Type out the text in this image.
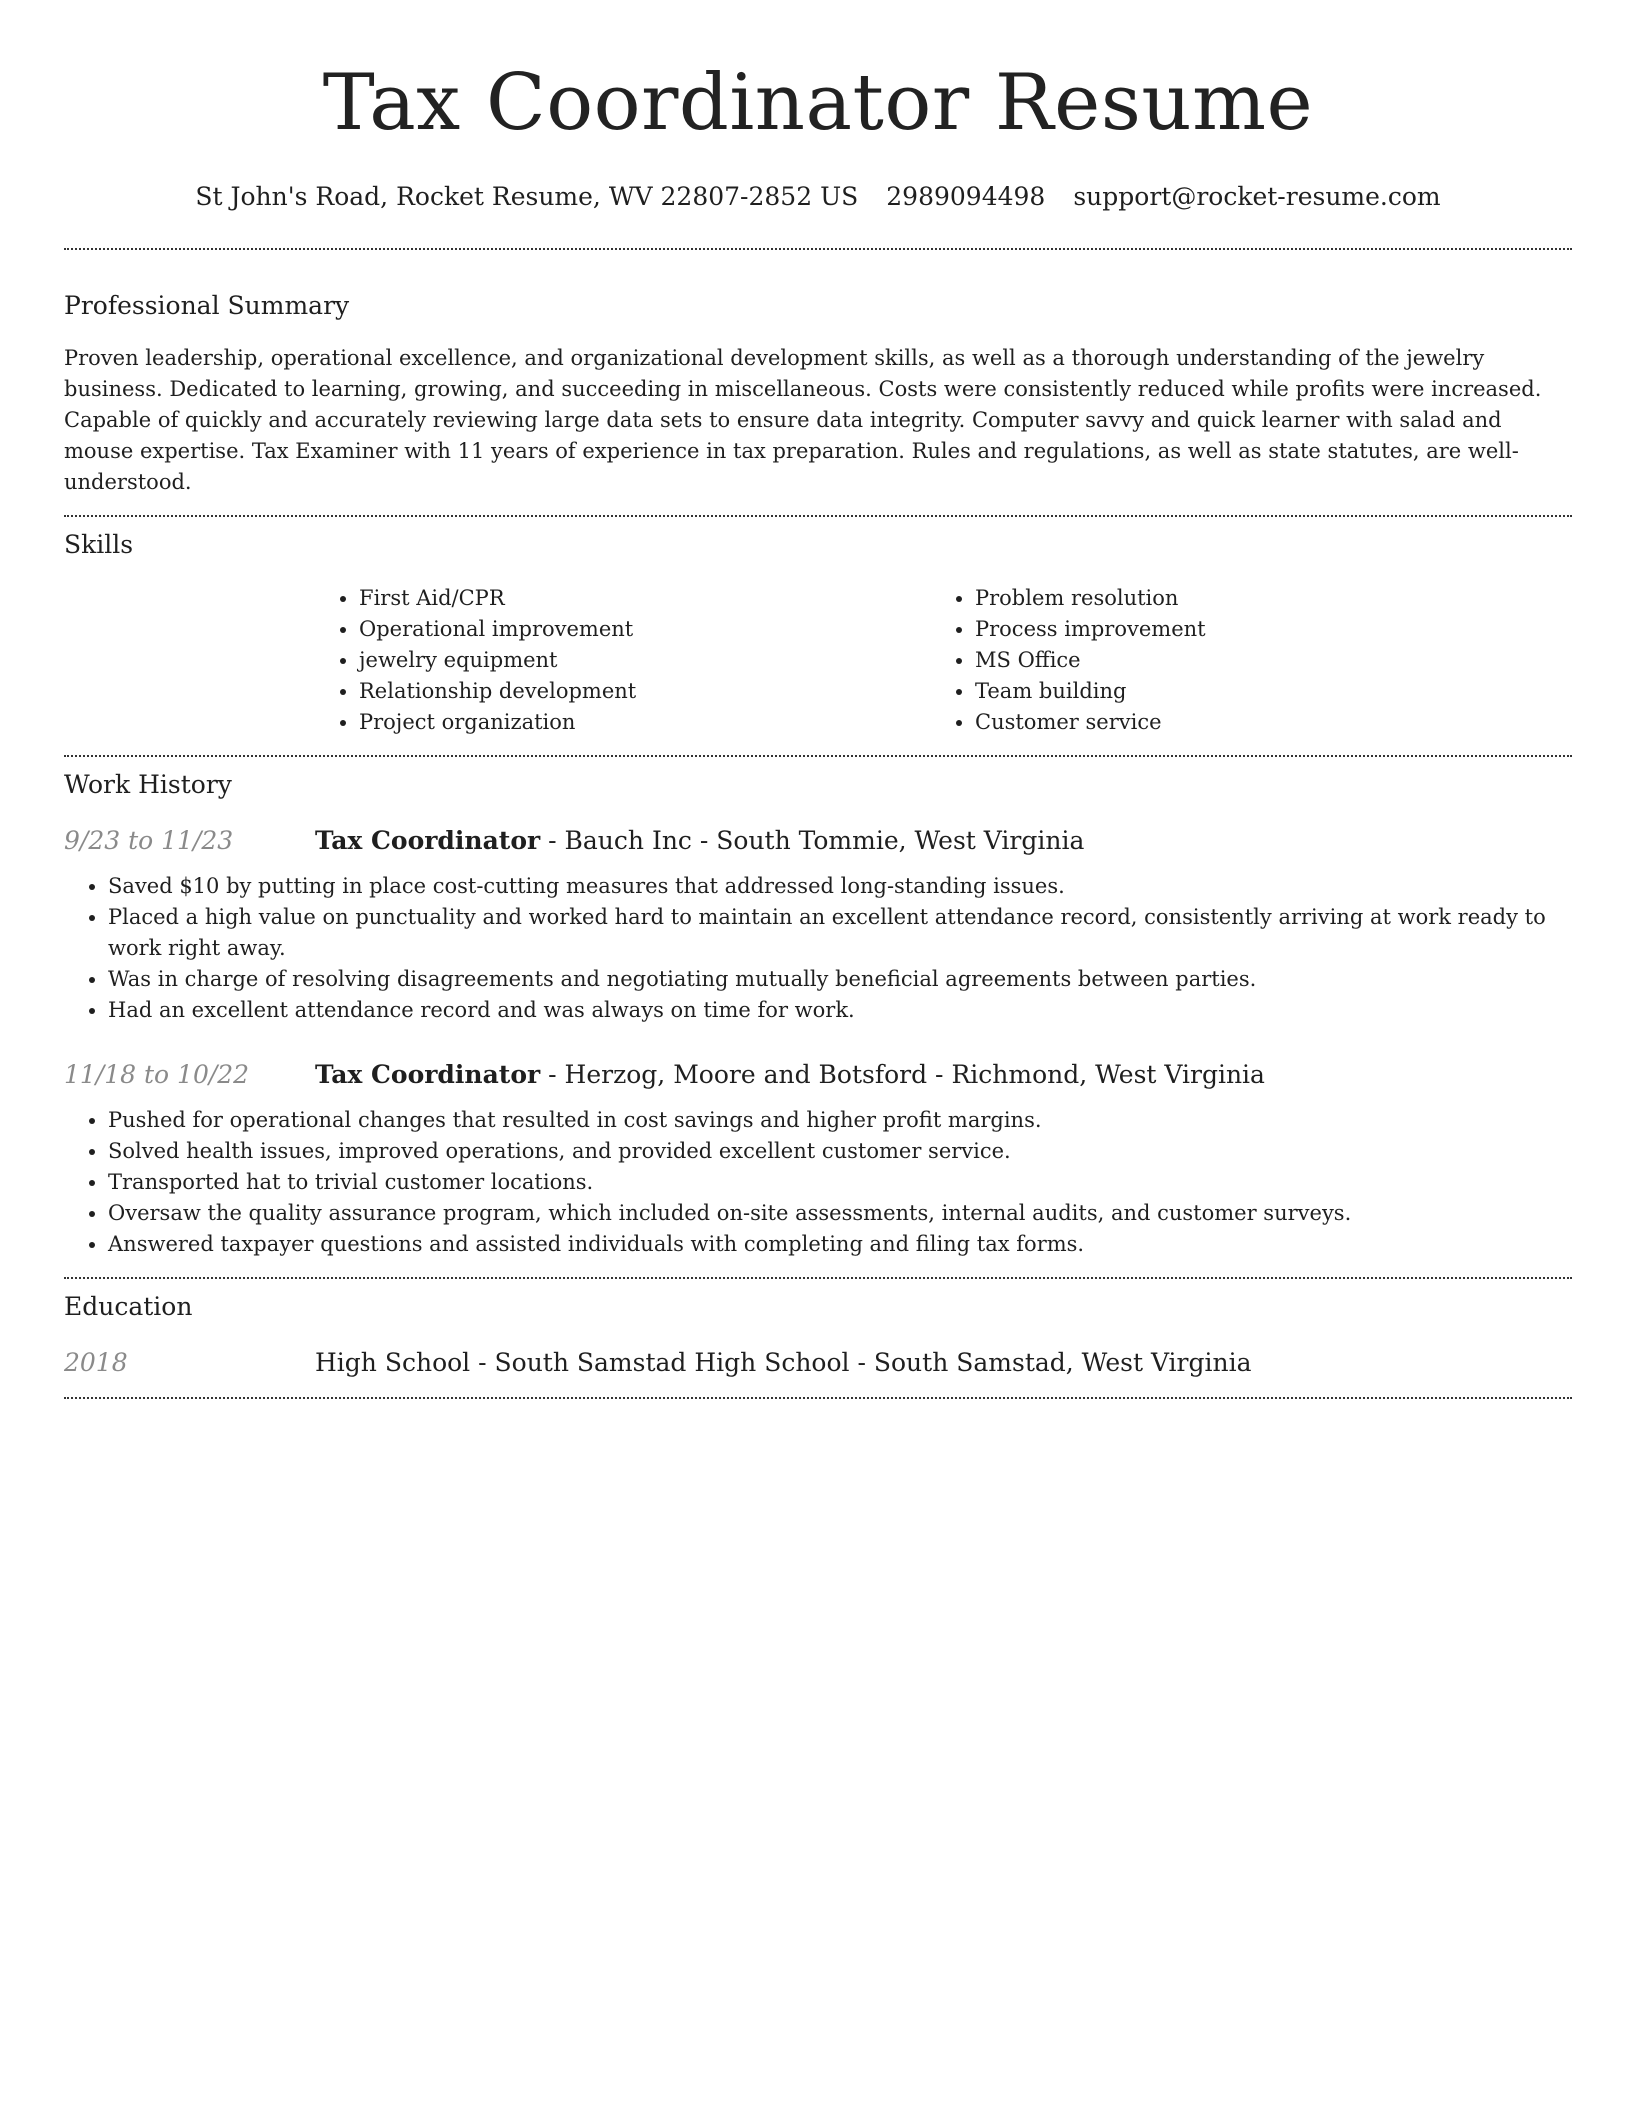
Tax Coordinator Resume
St John's Road, Rocket Resume, WV 22807-2852 US 2989094498 support@rocket-resume.com
Professional Summary

Proven leadership, operational excellence, and organizational development skills, as well as a thorough understanding of the jewelry business. Dedicated to learning, growing, and succeeding in miscellaneous. Costs were consistently reduced while profits were increased. Capable of quickly and accurately reviewing large data sets to ensure data integrity. Computer savvy and quick learner with salad and mouse expertise. Tax Examiner with 11 years of experience in tax preparation. Rules and regulations, as well as state statutes, are well-understood.

Skills
• First Aid/CPR
• Operational improvement
• jewelry equipment
• Relationship development
• Project organization
• Problem resolution
• Process improvement
• MS Office
• Team building
• Customer service
Work History
9/23 to 11/23	Tax Coordinator - Bauch Inc - South Tommie, West Virginia
• Saved $10 by putting in place cost-cutting measures that addressed long-standing issues.
• Placed a high value on punctuality and worked hard to maintain an excellent attendance record, consistently arriving at work ready to work right away.
• Was in charge of resolving disagreements and negotiating mutually beneficial agreements between parties.
• Had an excellent attendance record and was always on time for work.
11/18 to 10/22	Tax Coordinator - Herzog, Moore and Botsford - Richmond, West Virginia
• Pushed for operational changes that resulted in cost savings and higher profit margins.
• Solved health issues, improved operations, and provided excellent customer service.
• Transported hat to trivial customer locations.
• Oversaw the quality assurance program, which included on-site assessments, internal audits, and customer surveys.
• Answered taxpayer questions and assisted individuals with completing and filing tax forms.
Education
2018	High School - South Samstad High School - South Samstad, West Virginia
